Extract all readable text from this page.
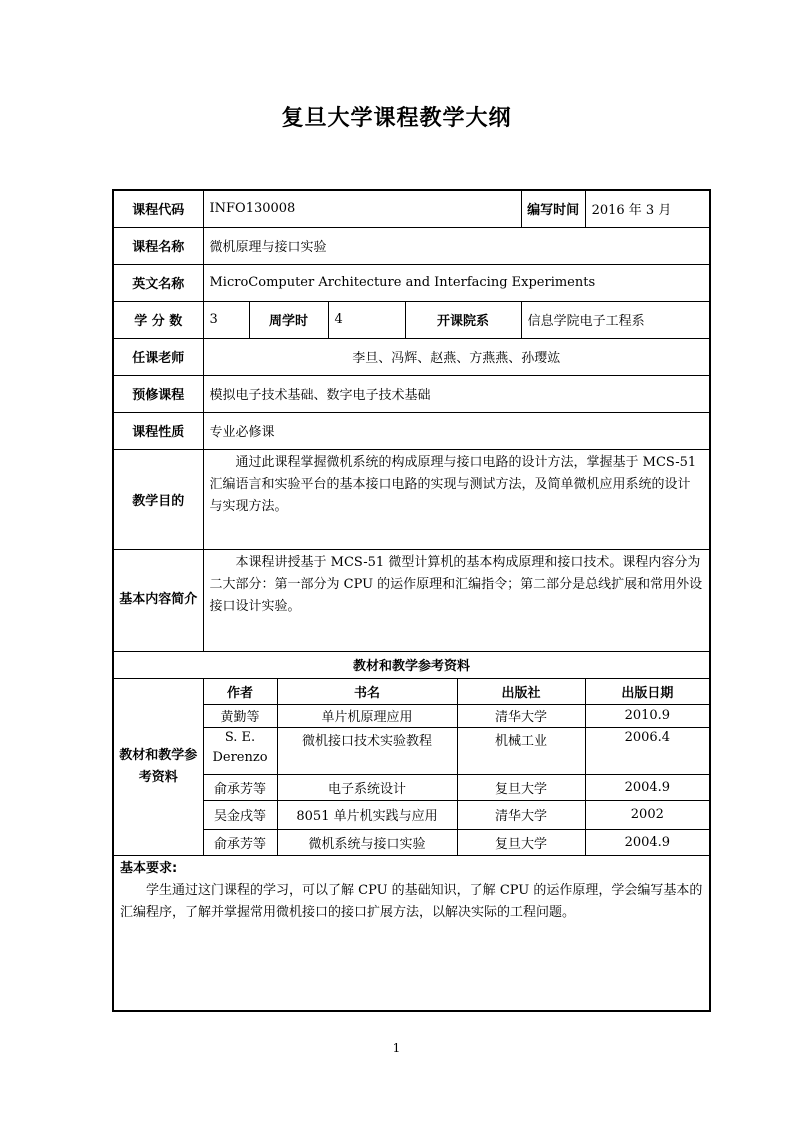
复旦大学课程教学大纲
课程代码	INFO130008						编写时间	2016 年 3 月
课程名称	微机原理与接口实验							
英文名称	MicroComputer Architecture and Interfacing Experiments							
学 分 数	3	周学时		4	开课院系		信息学院电子工程系	
任课老师	李旦、冯辉、赵燕、方燕燕、孙璎竑							
预修课程	模拟电子技术基础、数字电子技术基础							
课程性质	专业必修课							
教学目的	通过此课程掌握微机系统的构成原理与接口电路的设计方法，掌握基于 MCS-51 汇编语言和实验平台的基本接口电路的实现与测试方法，及简单微机应用系统的设计与实现方法。							
基本内容简介	本课程讲授基于 MCS-51 微型计算机的基本构成原理和接口技术。课程内容分为二大部分：第一部分为 CPU 的运作原理和汇编指令；第二部分是总线扩展和常用外设接口设计实验。							
教材和教学参考资料								
教材和教学参考资料	作者		书名			出版社		出版日期
	黄勤等		单片机原理应用			清华大学		2010.9
	S. E. Derenzo		微机接口技术实验教程			机械工业		2006.4
	俞承芳等		电子系统设计			复旦大学		2004.9
	吴金戌等		8051 单片机实践与应用			清华大学		2002
	俞承芳等		微机系统与接口实验			复旦大学		2004.9

基本要求:
学生通过这门课程的学习，可以了解 CPU 的基础知识，了解 CPU 的运作原理，学会编写基本的汇编程序，了解并掌握常用微机接口的接口扩展方法，以解决实际的工程问题。								
1
